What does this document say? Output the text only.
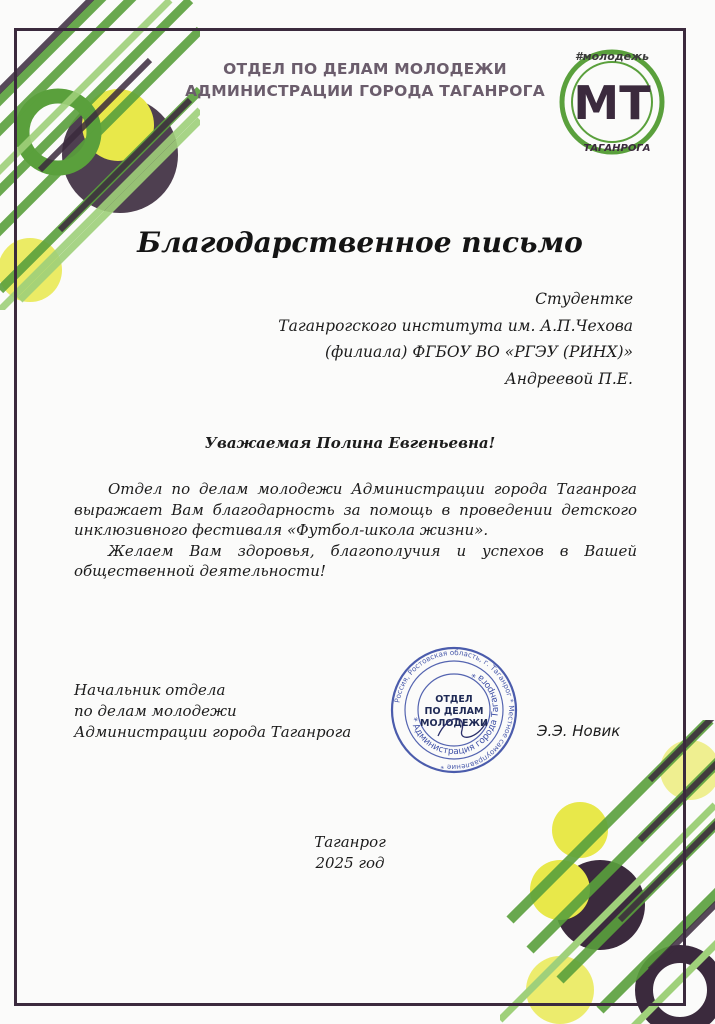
ОТДЕЛ ПО ДЕЛАМ МОЛОДЕЖИ
АДМИНИСТРАЦИИ ГОРОДА ТАГАНРОГА
#молодежь
МТ
ТАГАНРОГА
Благодарственное письмо
Студентке
Таганрогского института им. А.П.Чехова
(филиала) ФГБОУ ВО «РГЭУ (РИНХ)»
Андреевой П.Е.
Уважаемая Полина Евгеньевна!

Отдел по делам молодежи Администрации города Таганрога выражает Вам благодарность за помощь в проведении детского инклюзивного фестиваля «Футбол-школа жизни».

Желаем Вам здоровья, благополучия и успехов в Вашей общественной деятельности!

Начальник отдела
по делам молодежи
Администрации города Таганрога
Россия, Ростовская область, г. Таганрог * Местное самоуправление *
* Администрация города Таганрога *
ОТДЕЛ
ПО ДЕЛАМ
МОЛОДЕЖИ	Э.Э. Новик
Таганрог
2025 год
